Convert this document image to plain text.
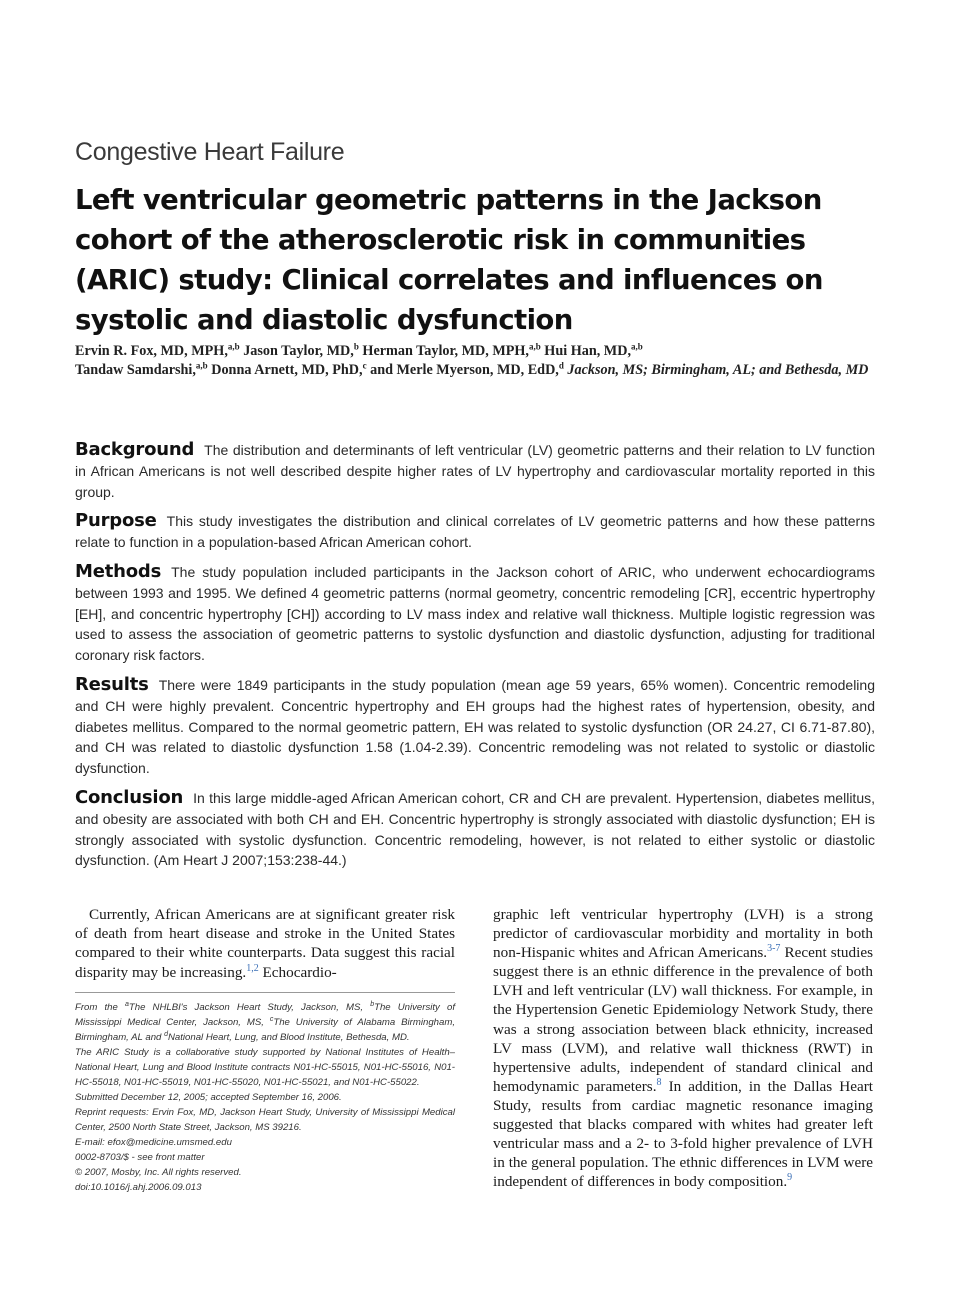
Congestive Heart Failure
Left ventricular geometric patterns in the Jackson cohort of the atherosclerotic risk in communities (ARIC) study: Clinical correlates and influences on systolic and diastolic dysfunction

Ervin R. Fox, MD, MPH,$^{a,b}$ Jason Taylor, MD,$^b$ Herman Taylor, MD, MPH,$^{a,b}$ Hui Han, MD,$^{a,b}$
Tandaw Samdarshi,$^{a,b}$ Donna Arnett, MD, PhD,$^c$ and Merle Myerson, MD, EdD,$^d$ Jackson, MS; Birmingham, AL; and Bethesda, MD

Background The distribution and determinants of left ventricular (LV) geometric patterns and their relation to LV function in African Americans is not well described despite higher rates of LV hypertrophy and cardiovascular mortality reported in this group.

Purpose This study investigates the distribution and clinical correlates of LV geometric patterns and how these patterns relate to function in a population-based African American cohort.

Methods The study population included participants in the Jackson cohort of ARIC, who underwent echocardiograms between 1993 and 1995. We defined 4 geometric patterns (normal geometry, concentric remodeling [CR], eccentric hypertrophy [EH], and concentric hypertrophy [CH]) according to LV mass index and relative wall thickness. Multiple logistic regression was used to assess the association of geometric patterns to systolic dysfunction and diastolic dysfunction, adjusting for traditional coronary risk factors.

Results There were 1849 participants in the study population (mean age 59 years, 65% women). Concentric remodeling and CH were highly prevalent. Concentric hypertrophy and EH groups had the highest rates of hypertension, obesity, and diabetes mellitus. Compared to the normal geometric pattern, EH was related to systolic dysfunction (OR 24.27, CI 6.71-87.80), and CH was related to diastolic dysfunction 1.58 (1.04-2.39). Concentric remodeling was not related to systolic or diastolic dysfunction.

Conclusion In this large middle-aged African American cohort, CR and CH are prevalent. Hypertension, diabetes mellitus, and obesity are associated with both CH and EH. Concentric hypertrophy is strongly associated with diastolic dysfunction; EH is strongly associated with systolic dysfunction. Concentric remodeling, however, is not related to either systolic or diastolic dysfunction. (Am Heart J 2007;153:238-44.)

Currently, African Americans are at significant greater risk of death from heart disease and stroke in the United States compared to their white counterparts. Data suggest this racial disparity may be increasing.$^{1,2}$ Echocardio-

From the $^a$The NHLBI's Jackson Heart Study, Jackson, MS, $^b$The University of Mississippi Medical Center, Jackson, MS, $^c$The University of Alabama Birmingham, Birmingham, AL and $^d$National Heart, Lung, and Blood Institute, Bethesda, MD.

The ARIC Study is a collaborative study supported by National Institutes of Health–National Heart, Lung and Blood Institute contracts N01-HC-55015, N01-HC-55016, N01-HC-55018, N01-HC-55019, N01-HC-55020, N01-HC-55021, and N01-HC-55022.

Submitted December 12, 2005; accepted September 16, 2006.

Reprint requests: Ervin Fox, MD, Jackson Heart Study, University of Mississippi Medical Center, 2500 North State Street, Jackson, MS 39216.

E-mail: efox@medicine.umsmed.edu

0002-8703/$ - see front matter

© 2007, Mosby, Inc. All rights reserved.

doi:10.1016/j.ahj.2006.09.013

graphic left ventricular hypertrophy (LVH) is a strong predictor of cardiovascular morbidity and mortality in both non-Hispanic whites and African Americans.$^{3-7}$ Recent studies suggest there is an ethnic difference in the prevalence of both LVH and left ventricular (LV) wall thickness. For example, in the Hypertension Genetic Epidemiology Network Study, there was a strong association between black ethnicity, increased LV mass (LVM), and relative wall thickness (RWT) in hypertensive adults, independent of standard clinical and hemodynamic parameters.$^8$ In addition, in the Dallas Heart Study, results from cardiac magnetic resonance imaging suggested that blacks compared with whites had greater left ventricular mass and a 2- to 3-fold higher prevalence of LVH in the general population. The ethnic differences in LVM were independent of differences in body composition.$^9$
